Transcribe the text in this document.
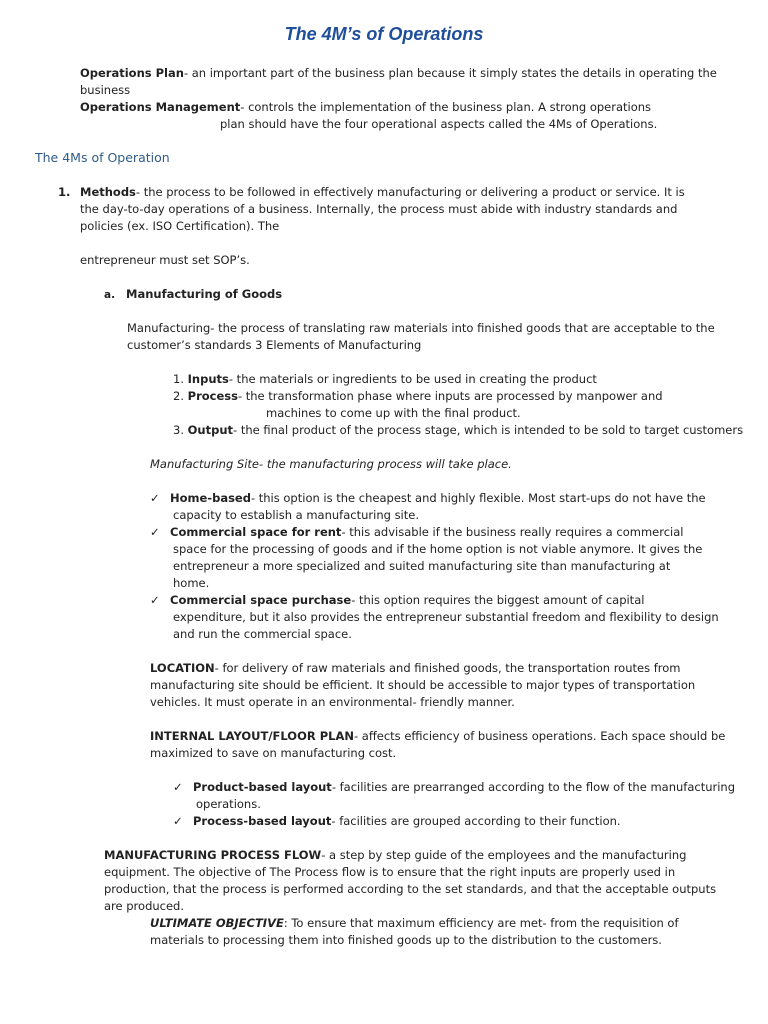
The 4M’s of Operations
Operations Plan- an important part of the business plan because it simply states the details in operating the
business
Operations Management- controls the implementation of the business plan. A strong operations
plan should have the four operational aspects called the 4Ms of Operations.
The 4Ms of Operation
1. Methods- the process to be followed in effectively manufacturing or delivering a product or service. It is
the day-to-day operations of a business. Internally, the process must abide with industry standards and
policies (ex. ISO Certification). The
entrepreneur must set SOP’s.
a. Manufacturing of Goods
Manufacturing- the process of translating raw materials into finished goods that are acceptable to the
customer’s standards 3 Elements of Manufacturing
1. Inputs- the materials or ingredients to be used in creating the product
2. Process- the transformation phase where inputs are processed by manpower and
machines to come up with the final product.
3. Output- the final product of the process stage, which is intended to be sold to target customers
Manufacturing Site- the manufacturing process will take place.
✓ Home-based- this option is the cheapest and highly flexible. Most start-ups do not have the
capacity to establish a manufacturing site.
✓ Commercial space for rent- this advisable if the business really requires a commercial
space for the processing of goods and if the home option is not viable anymore. It gives the
entrepreneur a more specialized and suited manufacturing site than manufacturing at
home.
✓ Commercial space purchase- this option requires the biggest amount of capital
expenditure, but it also provides the entrepreneur substantial freedom and flexibility to design
and run the commercial space.
LOCATION- for delivery of raw materials and finished goods, the transportation routes from
manufacturing site should be efficient. It should be accessible to major types of transportation
vehicles. It must operate in an environmental- friendly manner.
INTERNAL LAYOUT/FLOOR PLAN- affects efficiency of business operations. Each space should be
maximized to save on manufacturing cost.
✓ Product-based layout- facilities are prearranged according to the flow of the manufacturing
operations.
✓ Process-based layout- facilities are grouped according to their function.
MANUFACTURING PROCESS FLOW- a step by step guide of the employees and the manufacturing
equipment. The objective of The Process flow is to ensure that the right inputs are properly used in
production, that the process is performed according to the set standards, and that the acceptable outputs
are produced.
ULTIMATE OBJECTIVE: To ensure that maximum efficiency are met- from the requisition of
materials to processing them into finished goods up to the distribution to the customers.
